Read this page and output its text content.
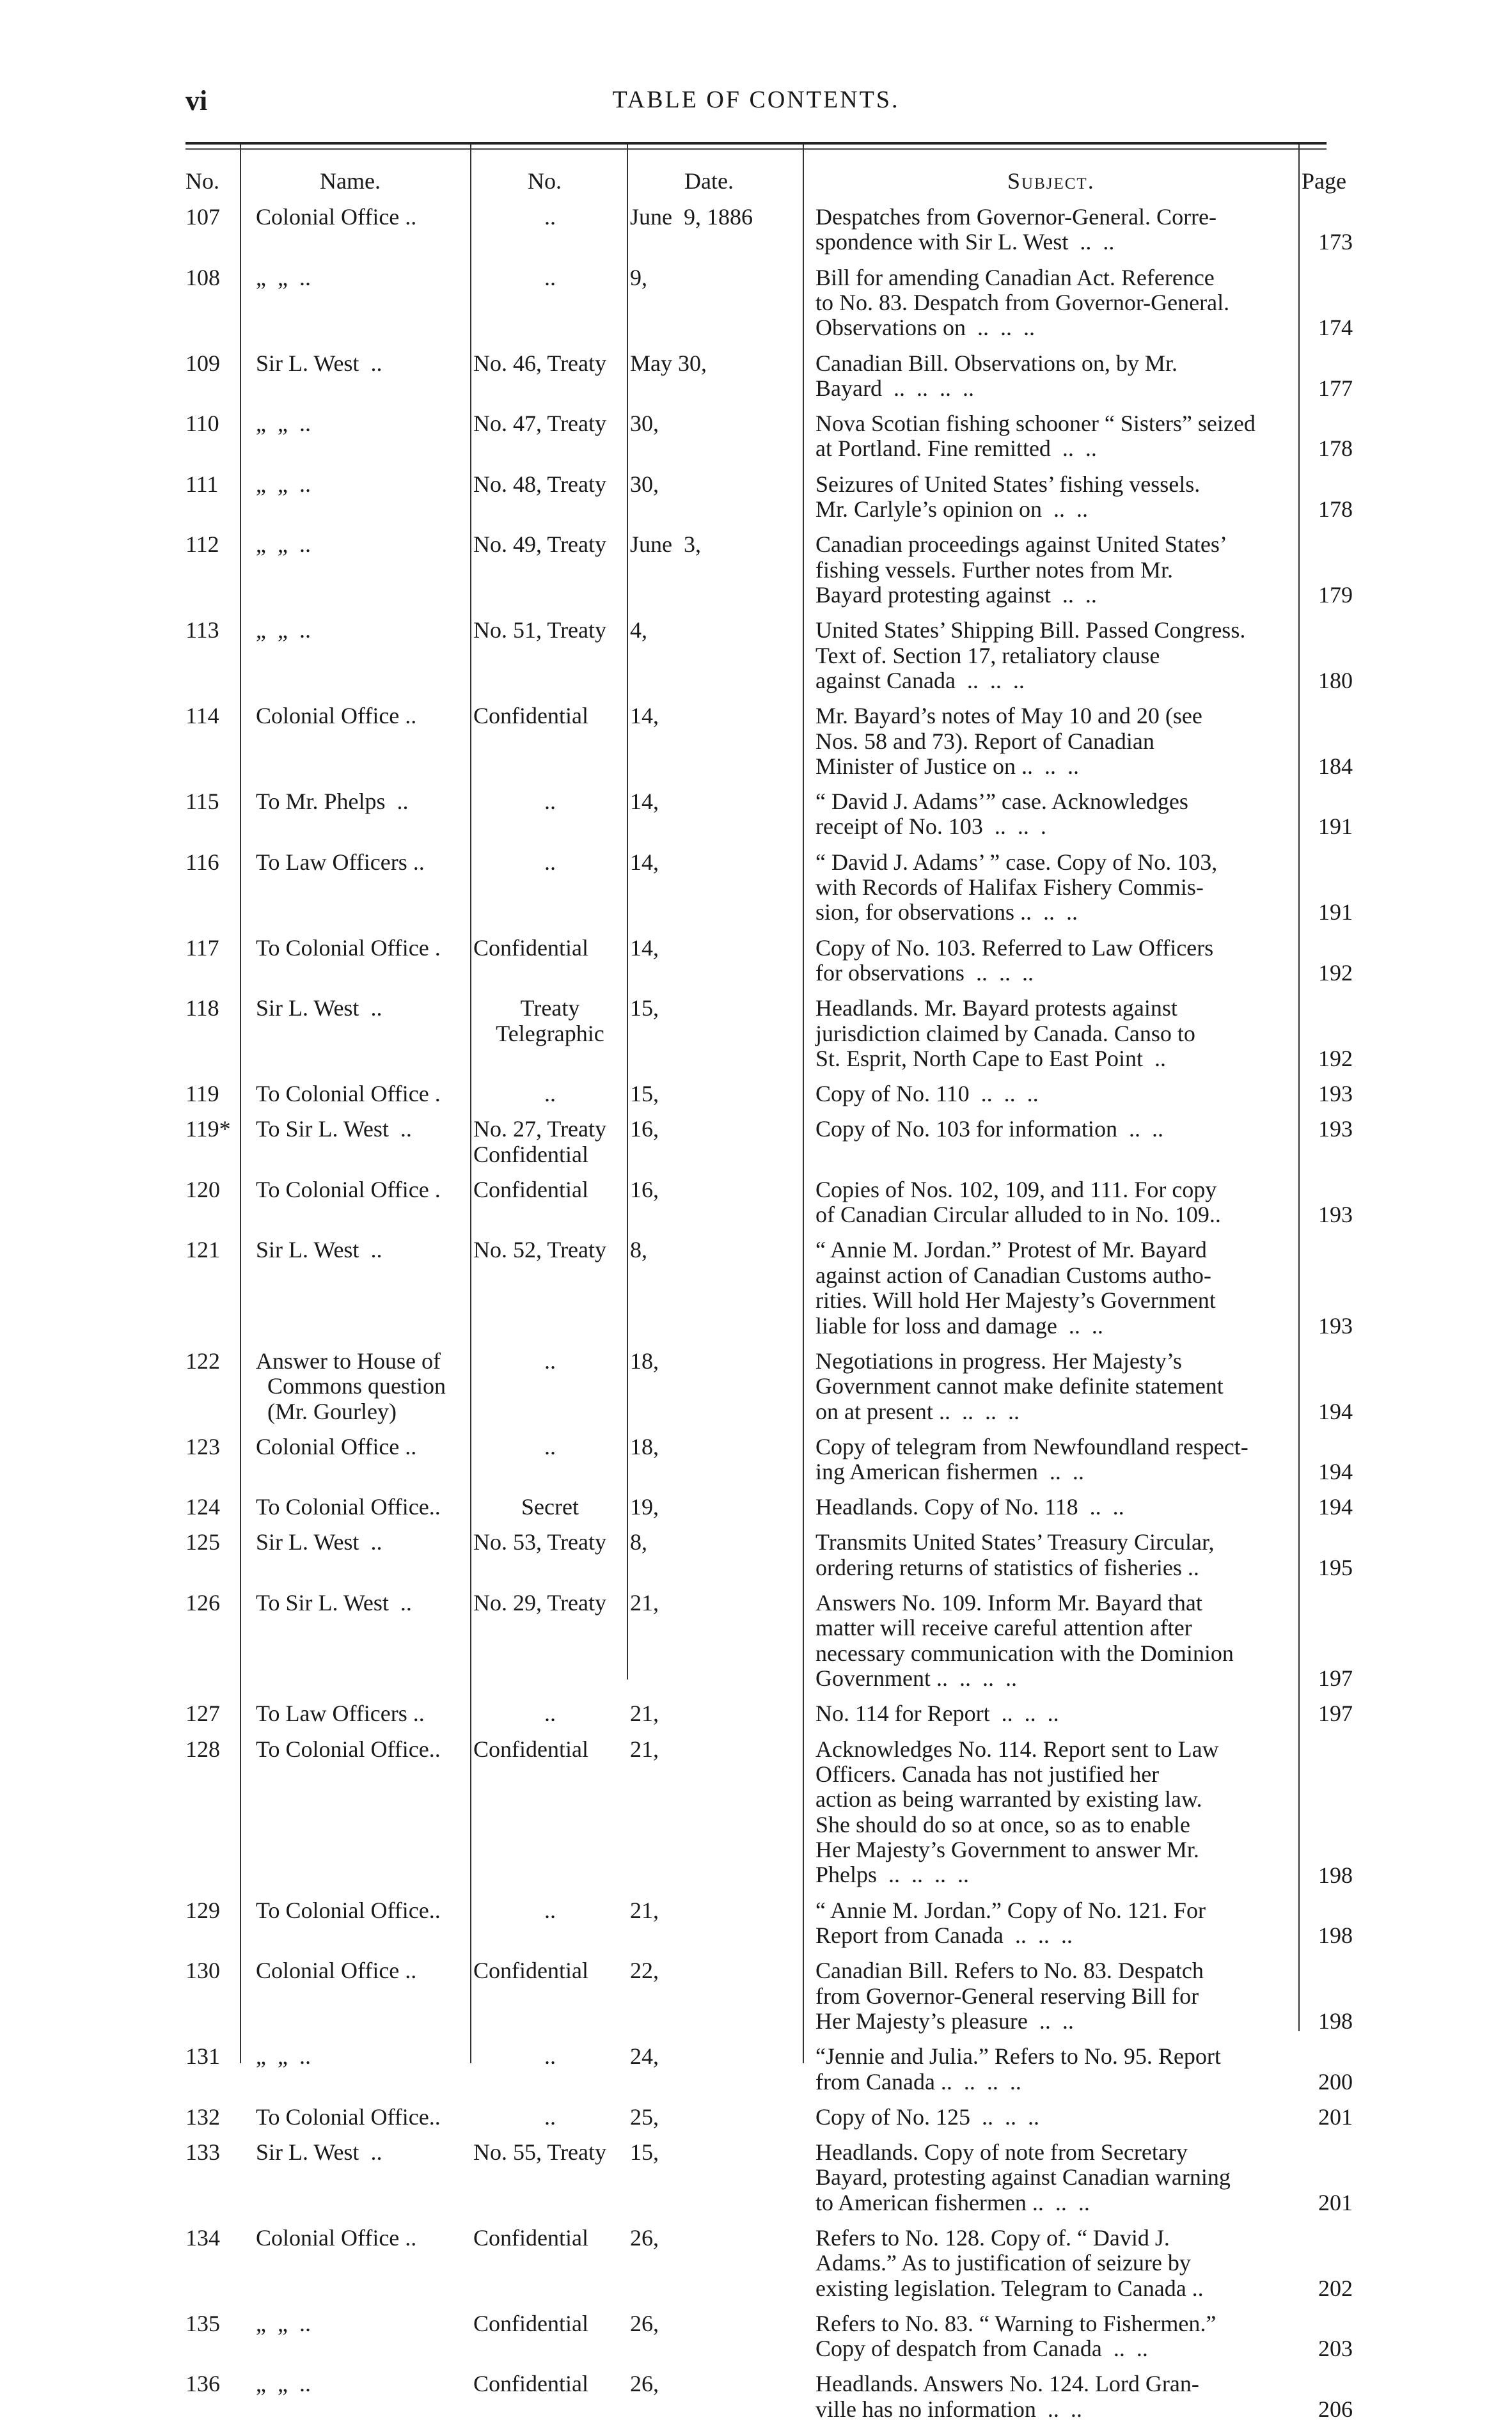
vi	TABLE OF CONTENTS.
No.	Name.	No.	Date.	Subject.	Page
107	Colonial Office ..	..	June  9, 1886	Despatches from Governor-General. Corre-
spondence with Sir L. West  ..  ..	173
108	„  „  ..	..	9,	Bill for amending Canadian Act. Reference
to No. 83. Despatch from Governor-General.
Observations on  ..  ..  ..	174
109	Sir L. West  ..	No. 46, Treaty	May 30,	Canadian Bill. Observations on, by Mr.
Bayard  ..  ..  ..  ..	177
110	„  „  ..	No. 47, Treaty	30,	Nova Scotian fishing schooner “ Sisters” seized
at Portland. Fine remitted  ..  ..	178
111	„  „  ..	No. 48, Treaty	30,	Seizures of United States’ fishing vessels.
Mr. Carlyle’s opinion on  ..  ..	178
112	„  „  ..	No. 49, Treaty	June  3,	Canadian proceedings against United States’
fishing vessels. Further notes from Mr.
Bayard protesting against  ..  ..	179
113	„  „  ..	No. 51, Treaty	4,	United States’ Shipping Bill. Passed Congress.
Text of. Section 17, retaliatory clause
against Canada  ..  ..  ..	180
114	Colonial Office ..	Confidential	14,	Mr. Bayard’s notes of May 10 and 20 (see
Nos. 58 and 73). Report of Canadian
Minister of Justice on ..  ..  ..	184
115	To Mr. Phelps  ..	..	14,	“ David J. Adams’” case. Acknowledges
receipt of No. 103  ..  ..  .	191
116	To Law Officers ..	..	14,	“ David J. Adams’ ” case. Copy of No. 103,
with Records of Halifax Fishery Commis-
sion, for observations ..  ..  ..	191
117	To Colonial Office .	Confidential	14,	Copy of No. 103. Referred to Law Officers
for observations  ..  ..  ..	192
118	Sir L. West  ..	Treaty
Telegraphic
15,	Headlands. Mr. Bayard protests against
jurisdiction claimed by Canada. Canso to
St. Esprit, North Cape to East Point  ..	192
119	To Colonial Office .	..	15,	Copy of No. 110  ..  ..  ..	193
119* To Sir L. West  ..	No. 27, Treaty
Confidential
16,	Copy of No. 103 for information  ..  ..	193
120	To Colonial Office .	Confidential	16,	Copies of Nos. 102, 109, and 111. For copy
of Canadian Circular alluded to in No. 109..	193
121	Sir L. West  ..	No. 52, Treaty	8,	“ Annie M. Jordan.” Protest of Mr. Bayard
against action of Canadian Customs autho-
rities. Will hold Her Majesty’s Government
liable for loss and damage  ..  ..	193
122	Answer to House of
Commons question
(Mr. Gourley)
..	18,	Negotiations in progress. Her Majesty’s
Government cannot make definite statement
on at present ..  ..  ..  ..	194
123	Colonial Office ..	..	18,	Copy of telegram from Newfoundland respect-
ing American fishermen  ..  ..	194
124	To Colonial Office..	Secret	19,	Headlands. Copy of No. 118  ..  ..	194
125	Sir L. West  ..	No. 53, Treaty	8,	Transmits United States’ Treasury Circular,
ordering returns of statistics of fisheries ..	195
126	To Sir L. West  ..	No. 29, Treaty	21,	Answers No. 109. Inform Mr. Bayard that
matter will receive careful attention after
necessary communication with the Dominion
Government ..  ..  ..  ..	197
127	To Law Officers ..	..	21,	No. 114 for Report  ..  ..  ..	197
128	To Colonial Office..	Confidential	21,	Acknowledges No. 114. Report sent to Law
Officers. Canada has not justified her
action as being warranted by existing law.
She should do so at once, so as to enable
Her Majesty’s Government to answer Mr.
Phelps  ..  ..  ..  ..	198
129	To Colonial Office..	..	21,	“ Annie M. Jordan.” Copy of No. 121. For
Report from Canada  ..  ..  ..	198
130	Colonial Office ..	Confidential	22,	Canadian Bill. Refers to No. 83. Despatch
from Governor-General reserving Bill for
Her Majesty’s pleasure  ..  ..	198
131	„  „  ..	..	24,	“Jennie and Julia.” Refers to No. 95. Report
from Canada ..  ..  ..  ..	200
132	To Colonial Office..	..	25,	Copy of No. 125  ..  ..  ..	201
133	Sir L. West  ..	No. 55, Treaty	15,	Headlands. Copy of note from Secretary
Bayard, protesting against Canadian warning
to American fishermen ..  ..  ..	201
134	Colonial Office ..	Confidential	26,	Refers to No. 128. Copy of. “ David J.
Adams.” As to justification of seizure by
existing legislation. Telegram to Canada ..	202
135	„  „  ..	Confidential	26,	Refers to No. 83. “ Warning to Fishermen.”
Copy of despatch from Canada  ..  ..	203
136	„  „  ..	Confidential	26,	Headlands. Answers No. 124. Lord Gran-
ville has no information  ..  ..	206
